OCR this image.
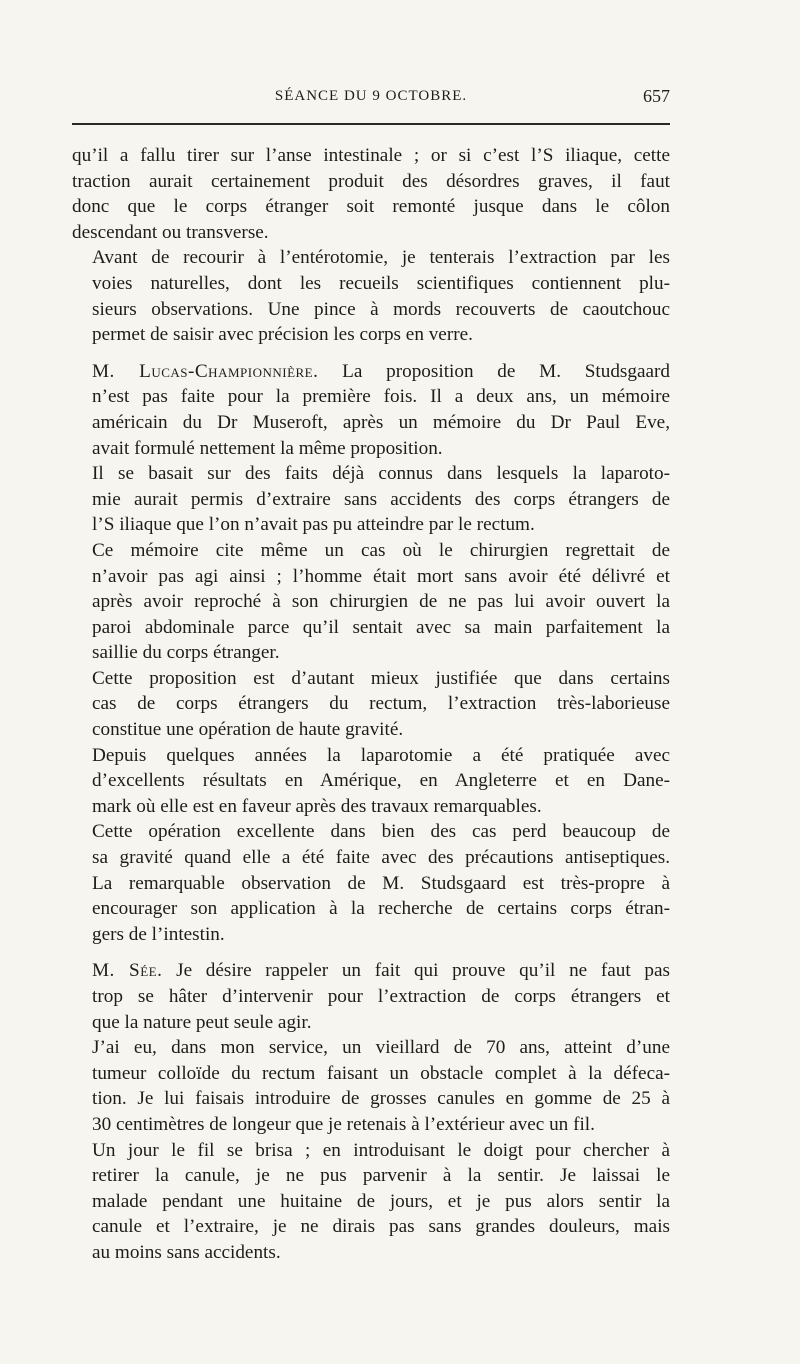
SÉANCE DU 9 OCTOBRE.	657

qu’il a fallu tirer sur l’anse intestinale ; or si c’est l’S iliaque, cette
traction aurait certainement produit des désordres graves, il faut
donc que le corps étranger soit remonté jusque dans le côlon
descendant ou transverse.

Avant de recourir à l’entérotomie, je tenterais l’extraction par les
voies naturelles, dont les recueils scientifiques contiennent plu-
sieurs observations. Une pince à mords recouverts de caoutchouc
permet de saisir avec précision les corps en verre.

M. Lucas-Championnière. La proposition de M. Studsgaard
n’est pas faite pour la première fois. Il a deux ans, un mémoire
américain du Dr Museroft, après un mémoire du Dr Paul Eve,
avait formulé nettement la même proposition.

Il se basait sur des faits déjà connus dans lesquels la laparoto-
mie aurait permis d’extraire sans accidents des corps étrangers de
l’S iliaque que l’on n’avait pas pu atteindre par le rectum.

Ce mémoire cite même un cas où le chirurgien regrettait de
n’avoir pas agi ainsi ; l’homme était mort sans avoir été délivré et
après avoir reproché à son chirurgien de ne pas lui avoir ouvert la
paroi abdominale parce qu’il sentait avec sa main parfaitement la
saillie du corps étranger.

Cette proposition est d’autant mieux justifiée que dans certains
cas de corps étrangers du rectum, l’extraction très-laborieuse
constitue une opération de haute gravité.

Depuis quelques années la laparotomie a été pratiquée avec
d’excellents résultats en Amérique, en Angleterre et en Dane-
mark où elle est en faveur après des travaux remarquables.

Cette opération excellente dans bien des cas perd beaucoup de
sa gravité quand elle a été faite avec des précautions antiseptiques.
La remarquable observation de M. Studsgaard est très-propre à
encourager son application à la recherche de certains corps étran-
gers de l’intestin.

M. Sée. Je désire rappeler un fait qui prouve qu’il ne faut pas
trop se hâter d’intervenir pour l’extraction de corps étrangers et
que la nature peut seule agir.

J’ai eu, dans mon service, un vieillard de 70 ans, atteint d’une
tumeur colloïde du rectum faisant un obstacle complet à la défeca-
tion. Je lui faisais introduire de grosses canules en gomme de 25 à
30 centimètres de longeur que je retenais à l’extérieur avec un fil.

Un jour le fil se brisa ; en introduisant le doigt pour chercher à
retirer la canule, je ne pus parvenir à la sentir. Je laissai le
malade pendant une huitaine de jours, et je pus alors sentir la
canule et l’extraire, je ne dirais pas sans grandes douleurs, mais
au moins sans accidents.
